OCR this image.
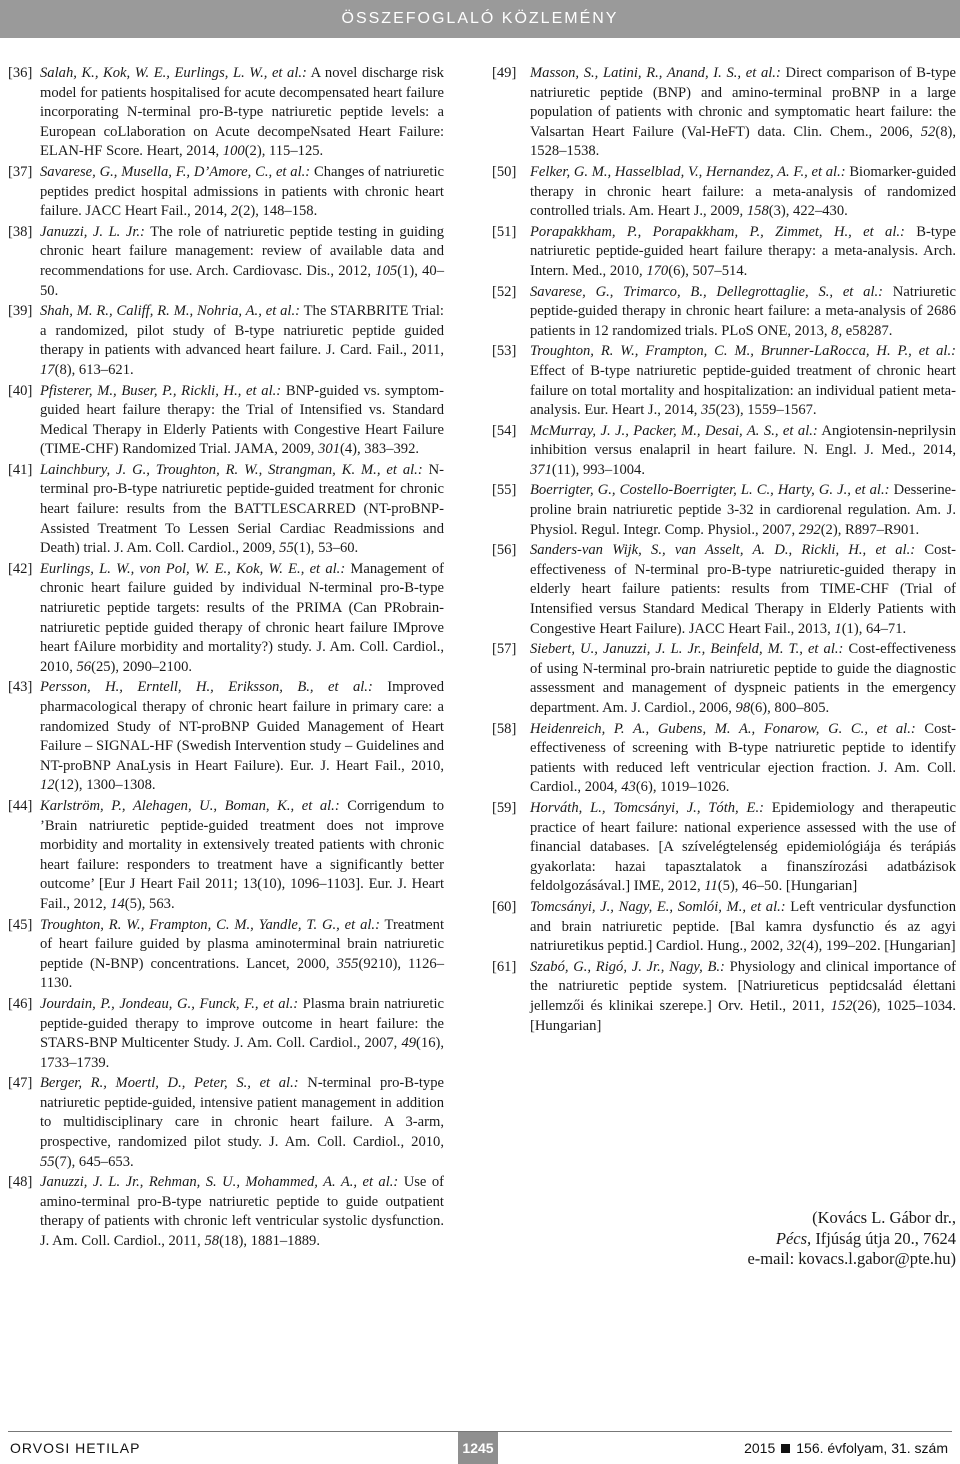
ÖSSZEFOGLALÓ KÖZLEMÉNY
[36] Salah, K., Kok, W. E., Eurlings, L. W., et al.: A novel discharge risk model for patients hospitalised for acute decompensated heart failure incorporating N-terminal pro-B-type natriuretic peptide levels: a European coLlaboration on Acute decompeNsated Heart Failure: ELAN-HF Score. Heart, 2014, 100(2), 115–125.
[37] Savarese, G., Musella, F., D’Amore, C., et al.: Changes of natriuretic peptides predict hospital admissions in patients with chronic heart failure. JACC Heart Fail., 2014, 2(2), 148–158.
[38] Januzzi, J. L. Jr.: The role of natriuretic peptide testing in guiding chronic heart failure management: review of available data and recommendations for use. Arch. Cardiovasc. Dis., 2012, 105(1), 40–50.
[39] Shah, M. R., Califf, R. M., Nohria, A., et al.: The STARBRITE Trial: a randomized, pilot study of B-type natriuretic peptide guided therapy in patients with advanced heart failure. J. Card. Fail., 2011, 17(8), 613–621.
[40] Pfisterer, M., Buser, P., Rickli, H., et al.: BNP-guided vs. symptom-guided heart failure therapy: the Trial of Intensified vs. Standard Medical Therapy in Elderly Patients with Congestive Heart Failure (TIME-CHF) Randomized Trial. JAMA, 2009, 301(4), 383–392.
[41] Lainchbury, J. G., Troughton, R. W., Strangman, K. M., et al.: N-terminal pro-B-type natriuretic peptide-guided treatment for chronic heart failure: results from the BATTLESCARRED (NT-proBNP-Assisted Treatment To Lessen Serial Cardiac Readmissions and Death) trial. J. Am. Coll. Cardiol., 2009, 55(1), 53–60.
[42] Eurlings, L. W., von Pol, W. E., Kok, W. E., et al.: Management of chronic heart failure guided by individual N-terminal pro-B-type natriuretic peptide targets: results of the PRIMA (Can PRobrain-natriuretic peptide guided therapy of chronic heart failure IMprove heart fAilure morbidity and mortality?) study. J. Am. Coll. Cardiol., 2010, 56(25), 2090–2100.
[43] Persson, H., Erntell, H., Eriksson, B., et al.: Improved pharmacological therapy of chronic heart failure in primary care: a randomized Study of NT-proBNP Guided Management of Heart Failure – SIGNAL-HF (Swedish Intervention study – Guidelines and NT-proBNP AnaLysis in Heart Failure). Eur. J. Heart Fail., 2010, 12(12), 1300–1308.
[44] Karlström, P., Alehagen, U., Boman, K., et al.: Corrigendum to ’Brain natriuretic peptide-guided treatment does not improve morbidity and mortality in extensively treated patients with chronic heart failure: responders to treatment have a significantly better outcome’ [Eur J Heart Fail 2011; 13(10), 1096–1103]. Eur. J. Heart Fail., 2012, 14(5), 563.
[45] Troughton, R. W., Frampton, C. M., Yandle, T. G., et al.: Treatment of heart failure guided by plasma aminoterminal brain natriuretic peptide (N-BNP) concentrations. Lancet, 2000, 355(9210), 1126–1130.
[46] Jourdain, P., Jondeau, G., Funck, F., et al.: Plasma brain natriuretic peptide-guided therapy to improve outcome in heart failure: the STARS-BNP Multicenter Study. J. Am. Coll. Cardiol., 2007, 49(16), 1733–1739.
[47] Berger, R., Moertl, D., Peter, S., et al.: N-terminal pro-B-type natriuretic peptide-guided, intensive patient management in addition to multidisciplinary care in chronic heart failure. A 3-arm, prospective, randomized pilot study. J. Am. Coll. Cardiol., 2010, 55(7), 645–653.
[48] Januzzi, J. L. Jr., Rehman, S. U., Mohammed, A. A., et al.: Use of amino-terminal pro-B-type natriuretic peptide to guide outpatient therapy of patients with chronic left ventricular systolic dysfunction. J. Am. Coll. Cardiol., 2011, 58(18), 1881–1889.
[49] Masson, S., Latini, R., Anand, I. S., et al.: Direct comparison of B-type natriuretic peptide (BNP) and amino-terminal proBNP in a large population of patients with chronic and symptomatic heart failure: the Valsartan Heart Failure (Val-HeFT) data. Clin. Chem., 2006, 52(8), 1528–1538.
[50] Felker, G. M., Hasselblad, V., Hernandez, A. F., et al.: Biomarker-guided therapy in chronic heart failure: a meta-analysis of randomized controlled trials. Am. Heart J., 2009, 158(3), 422–430.
[51] Porapakkham, P., Porapakkham, P., Zimmet, H., et al.: B-type natriuretic peptide-guided heart failure therapy: a meta-analysis. Arch. Intern. Med., 2010, 170(6), 507–514.
[52] Savarese, G., Trimarco, B., Dellegrottaglie, S., et al.: Natriuretic peptide-guided therapy in chronic heart failure: a meta-analysis of 2686 patients in 12 randomized trials. PLoS ONE, 2013, 8, e58287.
[53] Troughton, R. W., Frampton, C. M., Brunner-LaRocca, H. P., et al.: Effect of B-type natriuretic peptide-guided treatment of chronic heart failure on total mortality and hospitalization: an individual patient meta-analysis. Eur. Heart J., 2014, 35(23), 1559–1567.
[54] McMurray, J. J., Packer, M., Desai, A. S., et al.: Angiotensin-neprilysin inhibition versus enalapril in heart failure. N. Engl. J. Med., 2014, 371(11), 993–1004.
[55] Boerrigter, G., Costello-Boerrigter, L. C., Harty, G. J., et al.: Desserine-proline brain natriuretic peptide 3-32 in cardiorenal regulation. Am. J. Physiol. Regul. Integr. Comp. Physiol., 2007, 292(2), R897–R901.
[56] Sanders-van Wijk, S., van Asselt, A. D., Rickli, H., et al.: Cost-effectiveness of N-terminal pro-B-type natriuretic-guided therapy in elderly heart failure patients: results from TIME-CHF (Trial of Intensified versus Standard Medical Therapy in Elderly Patients with Congestive Heart Failure). JACC Heart Fail., 2013, 1(1), 64–71.
[57] Siebert, U., Januzzi, J. L. Jr., Beinfeld, M. T., et al.: Cost-effectiveness of using N-terminal pro-brain natriuretic peptide to guide the diagnostic assessment and management of dyspneic patients in the emergency department. Am. J. Cardiol., 2006, 98(6), 800–805.
[58] Heidenreich, P. A., Gubens, M. A., Fonarow, G. C., et al.: Cost-effectiveness of screening with B-type natriuretic peptide to identify patients with reduced left ventricular ejection fraction. J. Am. Coll. Cardiol., 2004, 43(6), 1019–1026.
[59] Horváth, L., Tomcsányi, J., Tóth, E.: Epidemiology and therapeutic practice of heart failure: national experience assessed with the use of financial databases. [A szívelégtelenség epidemiológiája és terápiás gyakorlata: hazai tapasztalatok a finanszírozási adatbázisok feldolgozásával.] IME, 2012, 11(5), 46–50. [Hungarian]
[60] Tomcsányi, J., Nagy, E., Somlói, M., et al.: Left ventricular dysfunction and brain natriuretic peptide. [Bal kamra dysfunctio és az agyi natriuretikus peptid.] Cardiol. Hung., 2002, 32(4), 199–202. [Hungarian]
[61] Szabó, G., Rigó, J. Jr., Nagy, B.: Physiology and clinical importance of the natriuretic peptide system. [Natriureticus peptidcsalád élettani jellemzői és klinikai szerepe.] Orv. Hetil., 2011, 152(26), 1025–1034. [Hungarian]
(Kovács L. Gábor dr.,
Pécs, Ifjúság útja 20., 7624
e-mail: kovacs.l.gabor@pte.hu)
ORVOSI HETILAP	1245	2015 156. évfolyam, 31. szám
